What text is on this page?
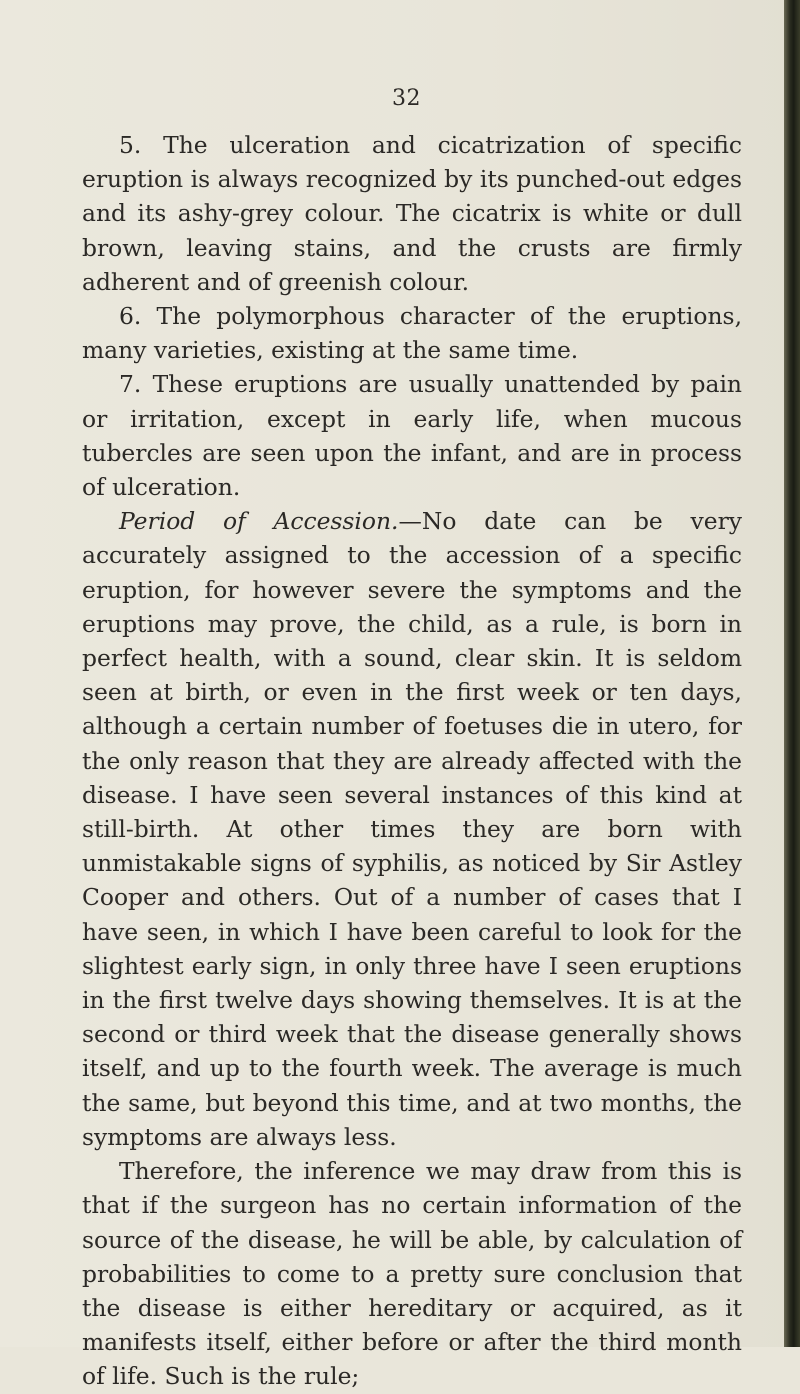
32

5. The ulceration and cicatrization of specific eruption is always recognized by its punched-out edges and its ashy-grey colour. The cicatrix is white or dull brown, leaving stains, and the crusts are firmly adherent and of greenish colour.

6. The polymorphous character of the eruptions, many varieties, existing at the same time.

7. These eruptions are usually unattended by pain or irritation, except in early life, when mucous tubercles are seen upon the infant, and are in process of ulceration.

Period of Accession.—No date can be very accurately assigned to the accession of a specific eruption, for however severe the symptoms and the eruptions may prove, the child, as a rule, is born in perfect health, with a sound, clear skin. It is seldom seen at birth, or even in the first week or ten days, although a certain number of foetuses die in utero, for the only reason that they are already affected with the disease. I have seen several instances of this kind at still-birth. At other times they are born with unmistakable signs of syphilis, as noticed by Sir Astley Cooper and others. Out of a number of cases that I have seen, in which I have been careful to look for the slightest early sign, in only three have I seen eruptions in the first twelve days showing themselves. It is at the second or third week that the disease generally shows itself, and up to the fourth week. The average is much the same, but beyond this time, and at two months, the symptoms are always less.

Therefore, the inference we may draw from this is that if the surgeon has no certain information of the source of the disease, he will be able, by calculation of probabilities to come to a pretty sure conclusion that the disease is either hereditary or acquired, as it manifests itself, either before or after the third month of life. Such is the rule;
